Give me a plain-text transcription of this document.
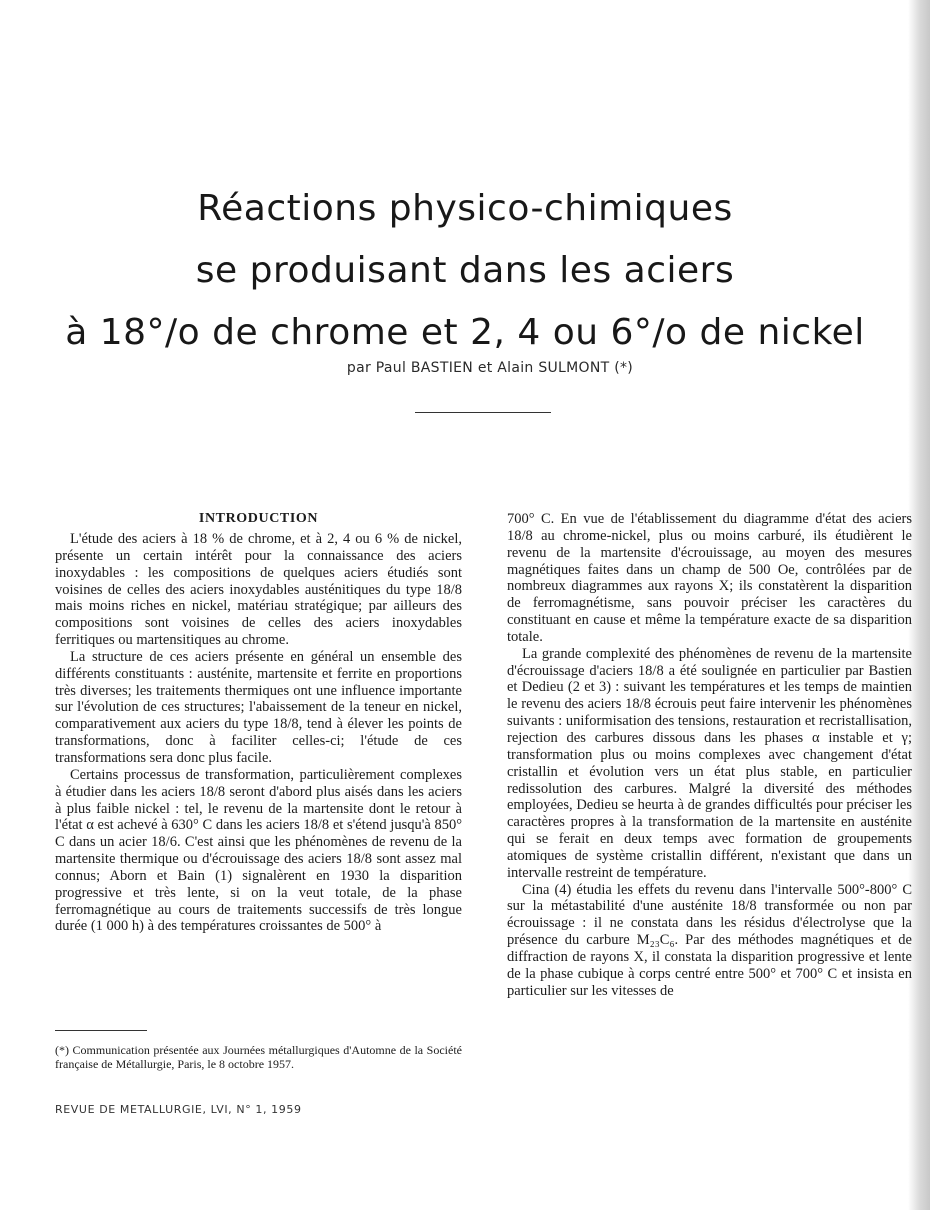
Réactions physico-chimiques
se produisant dans les aciers
à 18°/o de chrome et 2, 4 ou 6°/o de nickel
par Paul BASTIEN et Alain SULMONT (*)
INTRODUCTION

L'étude des aciers à 18 % de chrome, et à 2, 4 ou 6 % de nickel, présente un certain intérêt pour la connaissance des aciers inoxydables : les compositions de quelques aciers étudiés sont voisines de celles des aciers inoxydables austénitiques du type 18/8 mais moins riches en nickel, matériau stratégique; par ailleurs des compositions sont voisines de celles des aciers inoxydables ferritiques ou martensitiques au chrome.

La structure de ces aciers présente en général un ensemble des différents constituants : austénite, martensite et ferrite en proportions très diverses; les traitements thermiques ont une influence importante sur l'évolution de ces structures; l'abaissement de la teneur en nickel, comparativement aux aciers du type 18/8, tend à élever les points de transformations, donc à faciliter celles-ci; l'étude de ces transformations sera donc plus facile.

Certains processus de transformation, particulièrement complexes à étudier dans les aciers 18/8 seront d'abord plus aisés dans les aciers à plus faible nickel : tel, le revenu de la martensite dont le retour à l'état α est achevé à 630° C dans les aciers 18/8 et s'étend jusqu'à 850° C dans un acier 18/6. C'est ainsi que les phénomènes de revenu de la martensite thermique ou d'écrouissage des aciers 18/8 sont assez mal connus; Aborn et Bain (1) signalèrent en 1930 la disparition progressive et très lente, si on la veut totale, de la phase ferromagnétique au cours de traitements successifs de très longue durée (1 000 h) à des températures croissantes de 500° à

700° C. En vue de l'établissement du diagramme d'état des aciers 18/8 au chrome-nickel, plus ou moins carburé, ils étudièrent le revenu de la martensite d'écrouissage, au moyen des mesures magnétiques faites dans un champ de 500 Oe, contrôlées par de nombreux diagrammes aux rayons X; ils constatèrent la disparition de ferromagnétisme, sans pouvoir préciser les caractères du constituant en cause et même la température exacte de sa disparition totale.

La grande complexité des phénomènes de revenu de la martensite d'écrouissage d'aciers 18/8 a été soulignée en particulier par Bastien et Dedieu (2 et 3) : suivant les températures et les temps de maintien le revenu des aciers 18/8 écrouis peut faire intervenir les phénomènes suivants : uniformisation des tensions, restauration et recristallisation, rejection des carbures dissous dans les phases α instable et γ; transformation plus ou moins complexes avec changement d'état cristallin et évolution vers un état plus stable, en particulier redissolution des carbures. Malgré la diversité des méthodes employées, Dedieu se heurta à de grandes difficultés pour préciser les caractères propres à la transformation de la martensite en austénite qui se ferait en deux temps avec formation de groupements atomiques de système cristallin différent, n'existant que dans un intervalle restreint de température.

Cina (4) étudia les effets du revenu dans l'intervalle 500°-800° C sur la métastabilité d'une austénite 18/8 transformée ou non par écrouissage : il ne constata dans les résidus d'électrolyse que la présence du carbure M₂₃C₆. Par des méthodes magnétiques et de diffraction de rayons X, il constata la disparition progressive et lente de la phase cubique à corps centré entre 500° et 700° C et insista en particulier sur les vitesses de

(*) Communication présentée aux Journées métallurgiques d'Automne de la Société française de Métallurgie, Paris, le 8 octobre 1957.
REVUE DE METALLURGIE, LVI, N° 1, 1959
